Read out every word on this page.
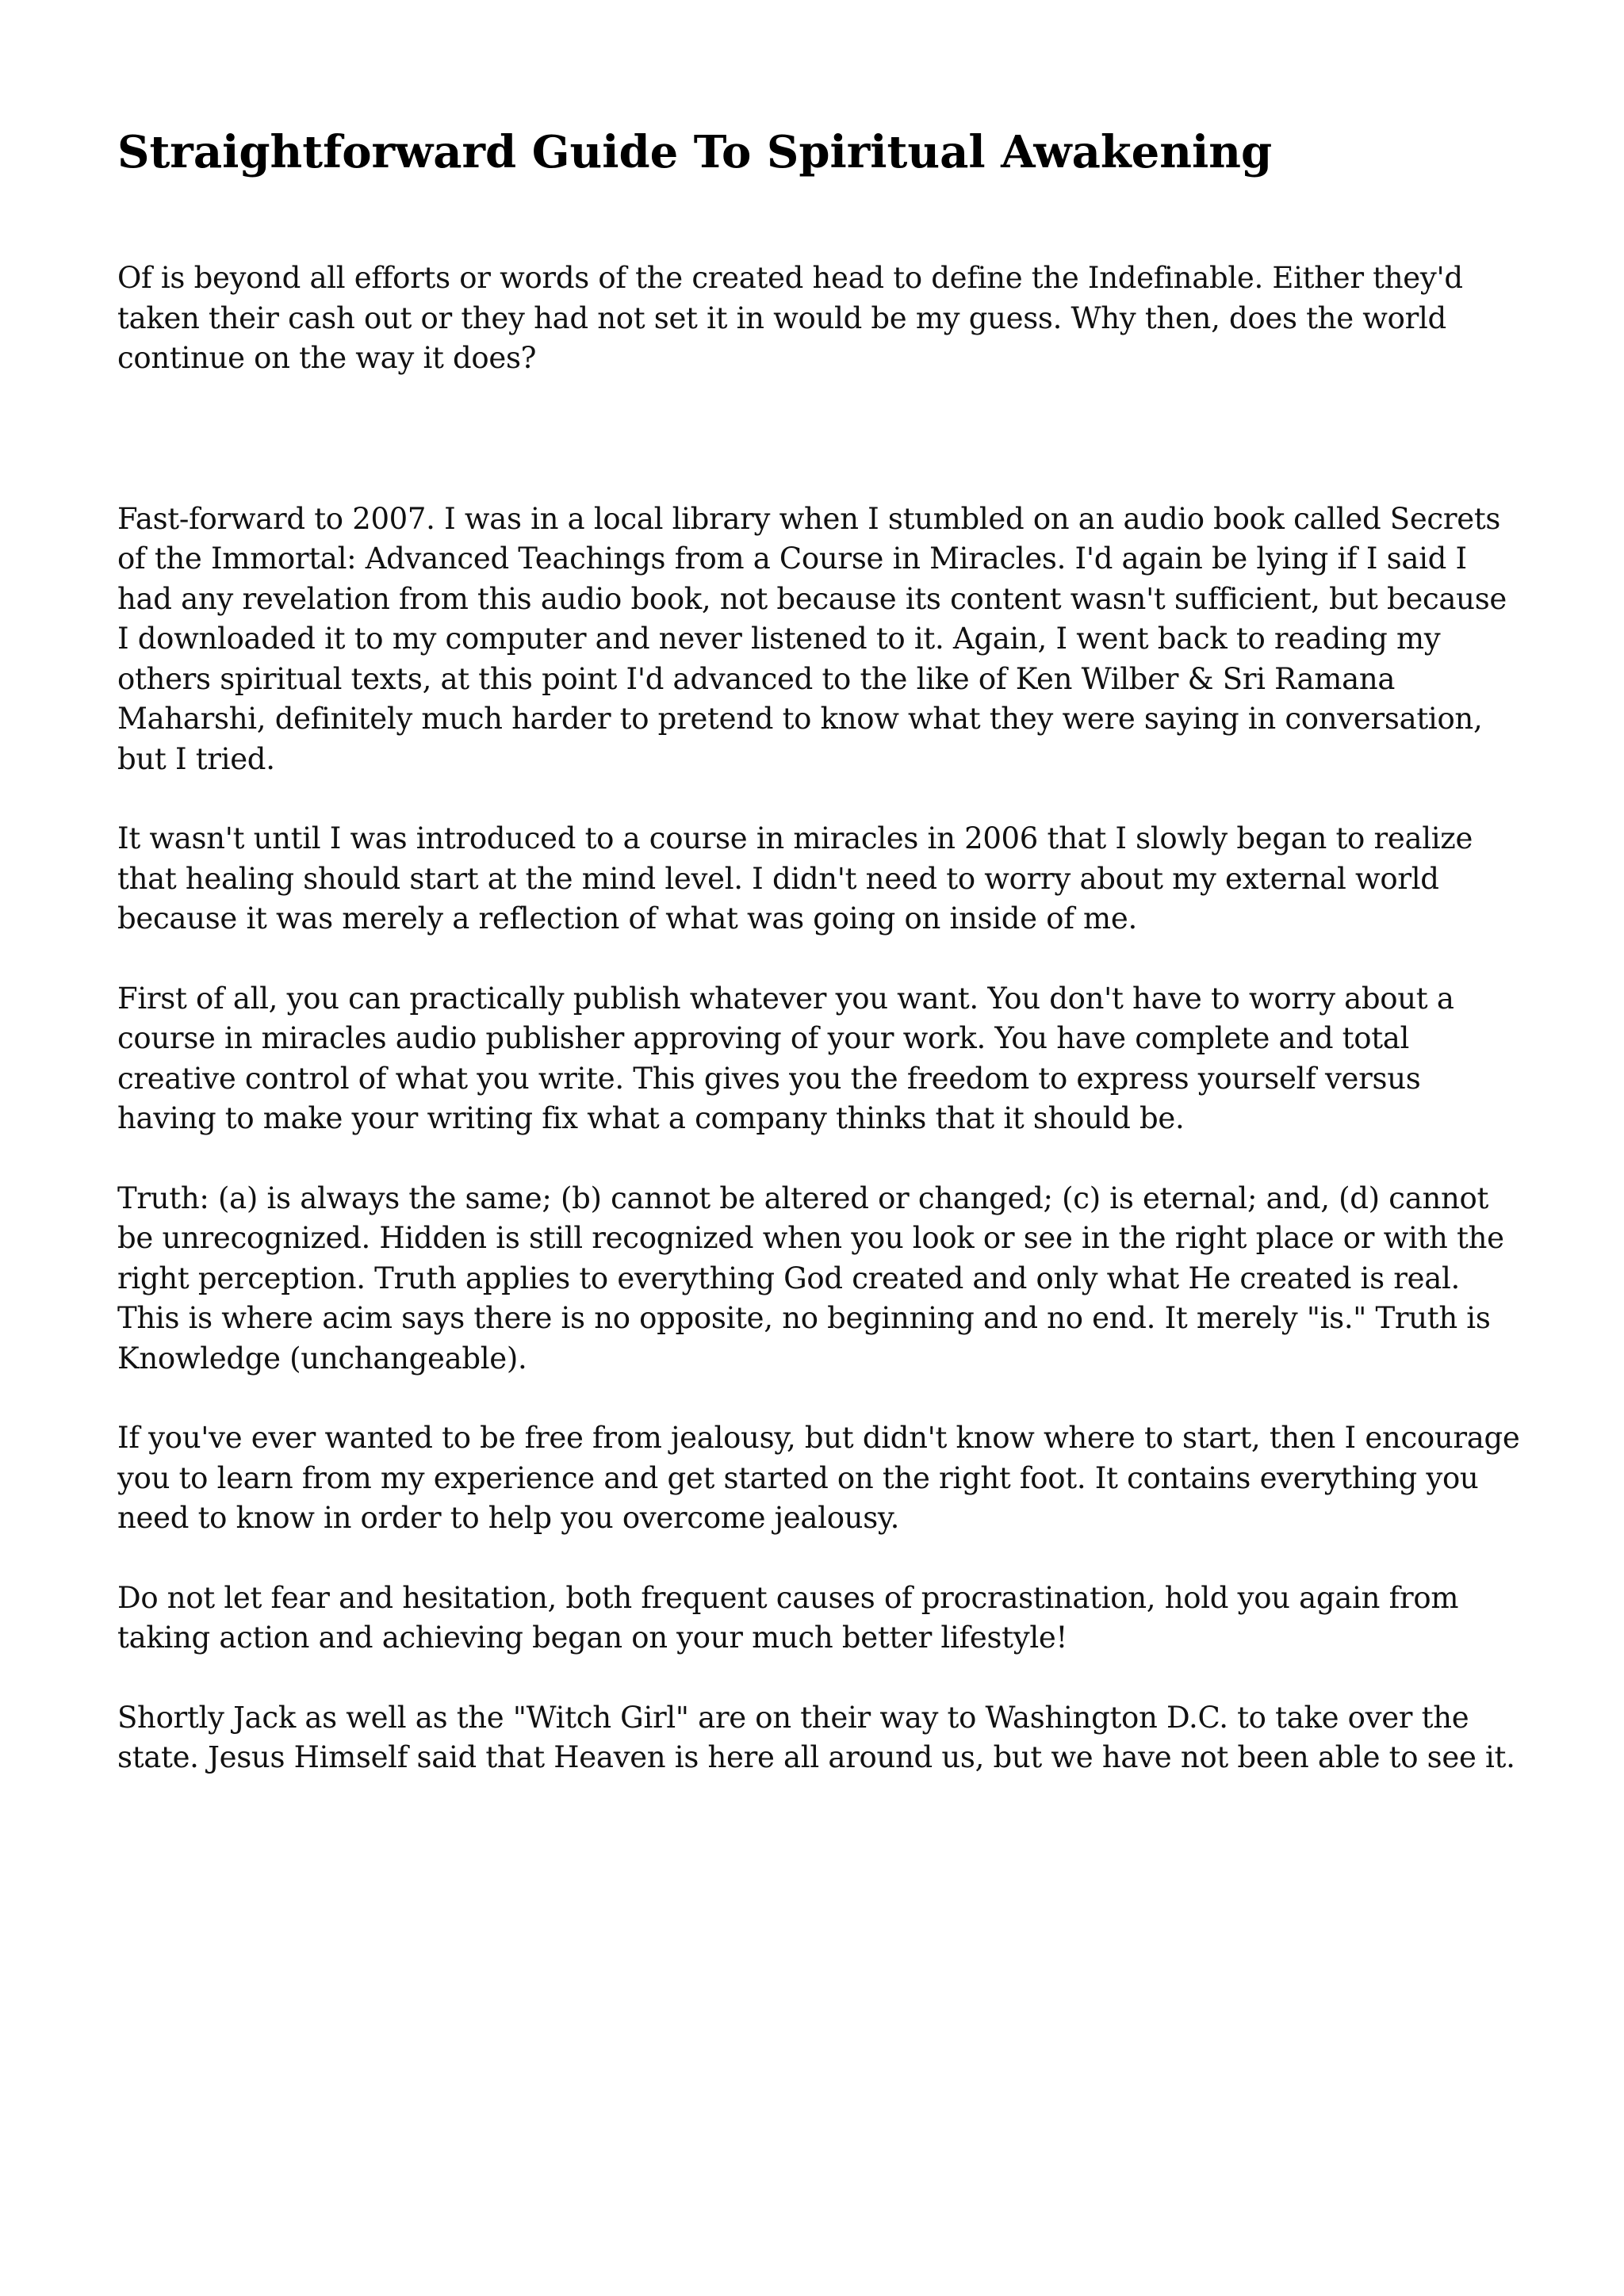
Straightforward Guide To Spiritual Awakening

Of is beyond all efforts or words of the created head to define the Indefinable. Either they'd taken their cash out or they had not set it in would be my guess. Why then, does the world continue on the way it does?

Fast-forward to 2007. I was in a local library when I stumbled on an audio book called Secrets of the Immortal: Advanced Teachings from a Course in Miracles. I'd again be lying if I said I had any revelation from this audio book, not because its content wasn't sufficient, but because I downloaded it to my computer and never listened to it. Again, I went back to reading my others spiritual texts, at this point I'd advanced to the like of Ken Wilber & Sri Ramana Maharshi, definitely much harder to pretend to know what they were saying in conversation, but I tried.

It wasn't until I was introduced to a course in miracles in 2006 that I slowly began to realize that healing should start at the mind level. I didn't need to worry about my external world because it was merely a reflection of what was going on inside of me.

First of all, you can practically publish whatever you want. You don't have to worry about a course in miracles audio publisher approving of your work. You have complete and total creative control of what you write. This gives you the freedom to express yourself versus having to make your writing fix what a company thinks that it should be.

Truth: (a) is always the same; (b) cannot be altered or changed; (c) is eternal; and, (d) cannot be unrecognized. Hidden is still recognized when you look or see in the right place or with the right perception. Truth applies to everything God created and only what He created is real. This is where acim says there is no opposite, no beginning and no end. It merely "is." Truth is Knowledge (unchangeable).

If you've ever wanted to be free from jealousy, but didn't know where to start, then I encourage you to learn from my experience and get started on the right foot. It contains everything you need to know in order to help you overcome jealousy.

Do not let fear and hesitation, both frequent causes of procrastination, hold you again from taking action and achieving began on your much better lifestyle!

Shortly Jack as well as the "Witch Girl" are on their way to Washington D.C. to take over the state. Jesus Himself said that Heaven is here all around us, but we have not been able to see it.
